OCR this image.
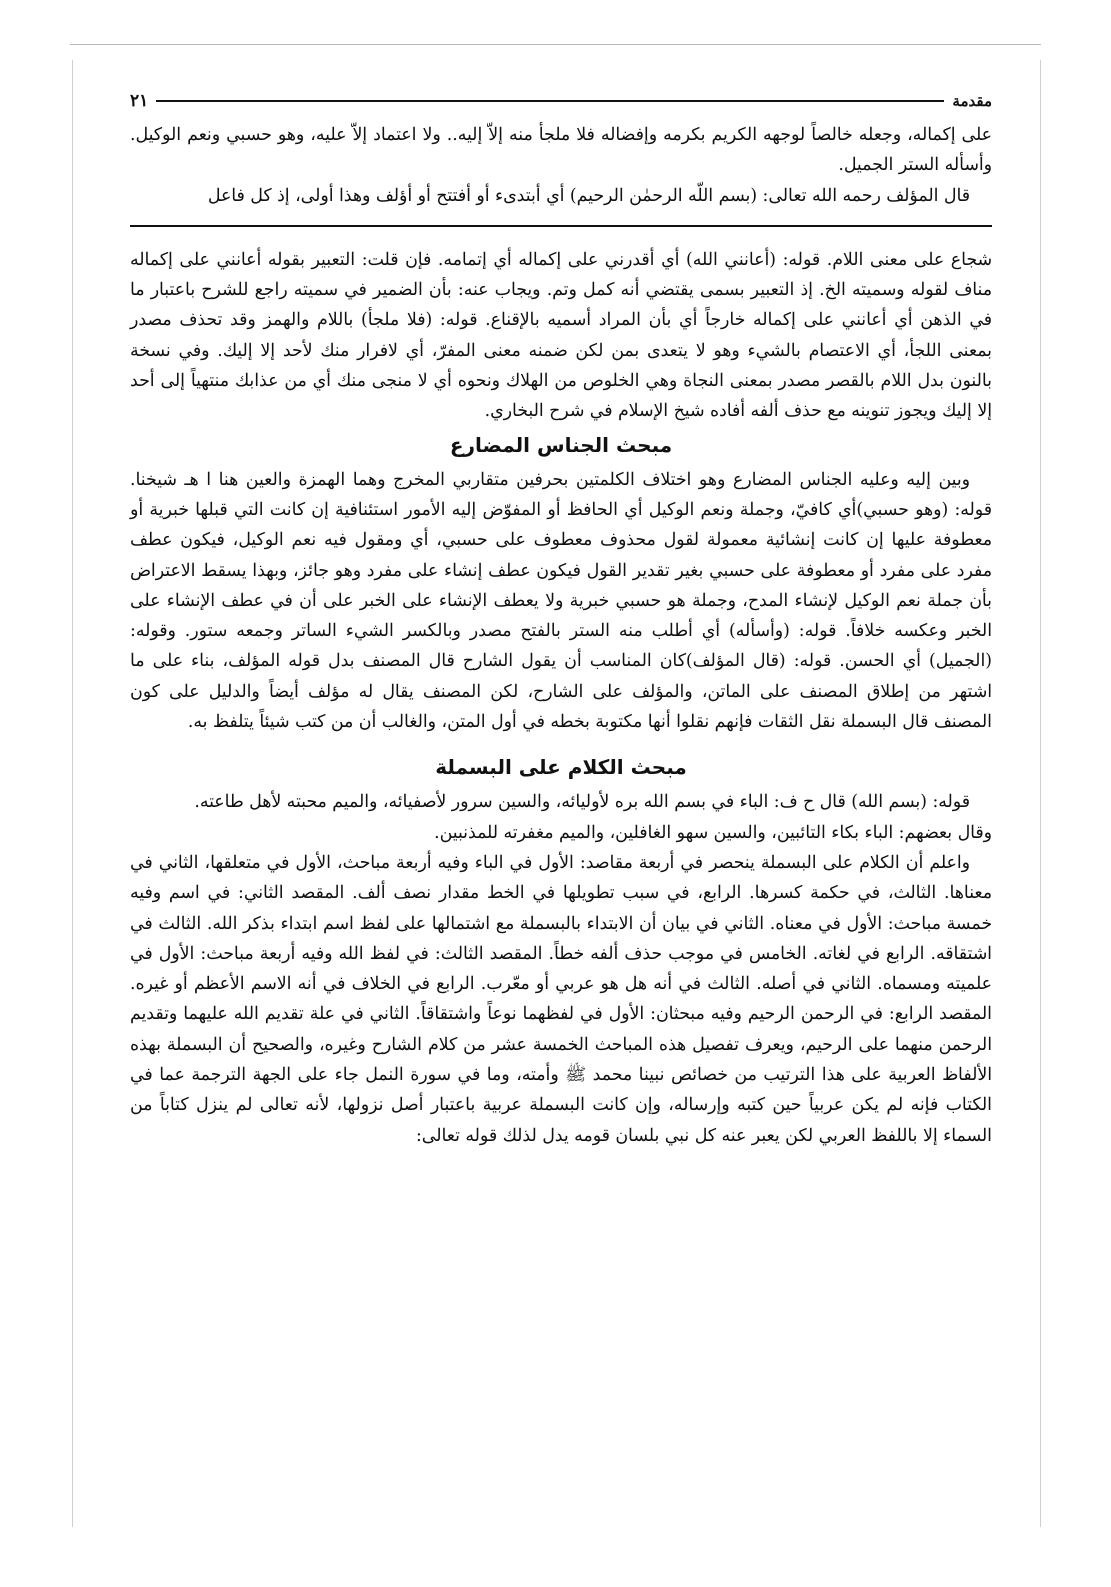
مقدمة
٢١

على إكماله، وجعله خالصاً لوجهه الكريم بكرمه وإفضاله فلا ملجأ منه إلاّ إليه.. ولا اعتماد إلاّ عليه، وهو حسبي ونعم الوكيل. وأسأله الستر الجميل.

قال المؤلف رحمه الله تعالى: (بسم اللّه الرحمٰن الرحيم) أي أبتدىء أو أفتتح أو أؤلف وهذا أولى، إذ كل فاعل

شجاع على معنى اللام. قوله: (أعانني الله) أي أقدرني على إكماله أي إتمامه. فإن قلت: التعبير بقوله أعانني على إكماله مناف لقوله وسميته الخ. إذ التعبير بسمى يقتضي أنه كمل وتم. ويجاب عنه: بأن الضمير في سميته راجع للشرح باعتبار ما في الذهن أي أعانني على إكماله خارجاً أي بأن المراد أسميه بالإقناع. قوله: (فلا ملجأ) باللام والهمز وقد تحذف مصدر بمعنى اللجأ، أي الاعتصام بالشيء وهو لا يتعدى بمن لكن ضمنه معنى المفرّ، أي لافرار منك لأحد إلا إليك. وفي نسخة بالنون بدل اللام بالقصر مصدر بمعنى النجاة وهي الخلوص من الهلاك ونحوه أي لا منجى منك أي من عذابك منتهياً إلى أحد إلا إليك ويجوز تنوينه مع حذف ألفه أفاده شيخ الإسلام في شرح البخاري.

مبحث الجناس المضارع

وبين إليه وعليه الجناس المضارع وهو اختلاف الكلمتين بحرفين متقاربي المخرج وهما الهمزة والعين هنا ا هـ شيخنا. قوله: (وهو حسبي)أي كافيّ، وجملة ونعم الوكيل أي الحافظ أو المفوّض إليه الأمور استئنافية إن كانت التي قبلها خبرية أو معطوفة عليها إن كانت إنشائية معمولة لقول محذوف معطوف على حسبي، أي ومقول فيه نعم الوكيل، فيكون عطف مفرد على مفرد أو معطوفة على حسبي بغير تقدير القول فيكون عطف إنشاء على مفرد وهو جائز، وبهذا يسقط الاعتراض بأن جملة نعم الوكيل لإنشاء المدح، وجملة هو حسبي خبرية ولا يعطف الإنشاء على الخبر على أن في عطف الإنشاء على الخبر وعكسه خلافاً. قوله: (وأسأله) أي أطلب منه الستر بالفتح مصدر وبالكسر الشيء الساتر وجمعه ستور. وقوله: (الجميل) أي الحسن. قوله: (قال المؤلف)كان المناسب أن يقول الشارح قال المصنف بدل قوله المؤلف، بناء على ما اشتهر من إطلاق المصنف على الماتن، والمؤلف على الشارح، لكن المصنف يقال له مؤلف أيضاً والدليل على كون المصنف قال البسملة نقل الثقات فإنهم نقلوا أنها مكتوبة بخطه في أول المتن، والغالب أن من كتب شيئاً يتلفظ به.

مبحث الكلام على البسملة

قوله: (بسم الله) قال ح ف: الباء في بسم الله بره لأوليائه، والسين سرور لأصفيائه، والميم محبته لأهل طاعته.

وقال بعضهم: الباء بكاء التائبين، والسين سهو الغافلين، والميم مغفرته للمذنبين.

واعلم أن الكلام على البسملة ينحصر في أربعة مقاصد: الأول في الباء وفيه أربعة مباحث، الأول في متعلقها، الثاني في معناها. الثالث، في حكمة كسرها. الرابع، في سبب تطويلها في الخط مقدار نصف ألف. المقصد الثاني: في اسم وفيه خمسة مباحث: الأول في معناه. الثاني في بيان أن الابتداء بالبسملة مع اشتمالها على لفظ اسم ابتداء بذكر الله. الثالث في اشتقاقه. الرابع في لغاته. الخامس في موجب حذف ألفه خطاً. المقصد الثالث: في لفظ الله وفيه أربعة مباحث: الأول في علميته ومسماه. الثاني في أصله. الثالث في أنه هل هو عربي أو معّرب. الرابع في الخلاف في أنه الاسم الأعظم أو غيره. المقصد الرابع: في الرحمن الرحيم وفيه مبحثان: الأول في لفظهما نوعاً واشتقاقاً. الثاني في علة تقديم الله عليهما وتقديم الرحمن منهما على الرحيم، ويعرف تفصيل هذه المباحث الخمسة عشر من كلام الشارح وغيره، والصحيح أن البسملة بهذه الألفاظ العربية على هذا الترتيب من خصائص نبينا محمد ﷺ وأمته، وما في سورة النمل جاء على الجهة الترجمة عما في الكتاب فإنه لم يكن عربياً حين كتبه وإرساله، وإن كانت البسملة عربية باعتبار أصل نزولها، لأنه تعالى لم ينزل كتاباً من السماء إلا باللفظ العربي لكن يعبر عنه كل نبي بلسان قومه يدل لذلك قوله تعالى:
